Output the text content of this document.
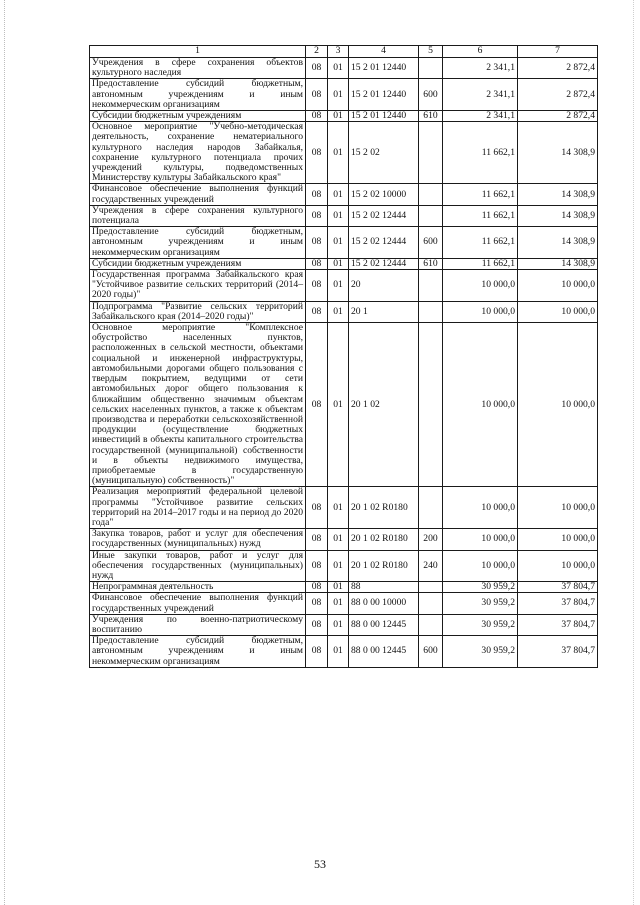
1	2	3	4	5	6	7
Учреждения в сфере сохранения объектов культурного наследия	08	01	15 2 01 12440		2 341,1	2 872,4
Предоставление субсидий бюджетным, автономным учреждениям и иным некоммерческим организациям	08	01	15 2 01 12440	600	2 341,1	2 872,4
Субсидии бюджетным учреждениям	08	01	15 2 01 12440	610	2 341,1	2 872,4
Основное мероприятие "Учебно-методическая деятельность, сохранение нематериального культурного наследия народов Забайкалья, сохранение культурного потенциала прочих учреждений культуры, подведомственных Министерству культуры Забайкальского края"	08	01	15 2 02		11 662,1	14 308,9
Финансовое обеспечение выполнения функций государственных учреждений	08	01	15 2 02 10000		11 662,1	14 308,9
Учреждения в сфере сохранения культурного потенциала	08	01	15 2 02 12444		11 662,1	14 308,9
Предоставление субсидий бюджетным, автономным учреждениям и иным некоммерческим организациям	08	01	15 2 02 12444	600	11 662,1	14 308,9
Субсидии бюджетным учреждениям	08	01	15 2 02 12444	610	11 662,1	14 308,9
Государственная программа Забайкальского края "Устойчивое развитие сельских территорий (2014–2020 годы)"	08	01	20		10 000,0	10 000,0
Подпрограмма "Развитие сельских территорий Забайкальского края (2014–2020 годы)"	08	01	20 1		10 000,0	10 000,0
Основное мероприятие "Комплексное обустройство населенных пунктов, расположенных в сельской местности, объектами социальной и инженерной инфраструктуры, автомобильными дорогами общего пользования с твердым покрытием, ведущими от сети автомобильных дорог общего пользования к ближайшим общественно значимым объектам сельских населенных пунктов, а также к объектам производства и переработки сельскохозяйственной продукции (осуществление бюджетных инвестиций в объекты капитального строительства государственной (муниципальной) собственности и в объекты недвижимого имущества, приобретаемые в государственную (муниципальную) собственность)"	08	01	20 1 02		10 000,0	10 000,0
Реализация мероприятий федеральной целевой программы "Устойчивое развитие сельских территорий на 2014–2017 годы и на период до 2020 года"	08	01	20 1 02 R0180		10 000,0	10 000,0
Закупка товаров, работ и услуг для обеспечения государственных (муниципальных) нужд	08	01	20 1 02 R0180	200	10 000,0	10 000,0
Иные закупки товаров, работ и услуг для обеспечения государственных (муниципальных) нужд	08	01	20 1 02 R0180	240	10 000,0	10 000,0
Непрограммная деятельность	08	01	88		30 959,2	37 804,7
Финансовое обеспечение выполнения функций государственных учреждений	08	01	88 0 00 10000		30 959,2	37 804,7
Учреждения по военно-патриотическому воспитанию	08	01	88 0 00 12445		30 959,2	37 804,7
Предоставление субсидий бюджетным, автономным учреждениям и иным некоммерческим организациям	08	01	88 0 00 12445	600	30 959,2	37 804,7
53
